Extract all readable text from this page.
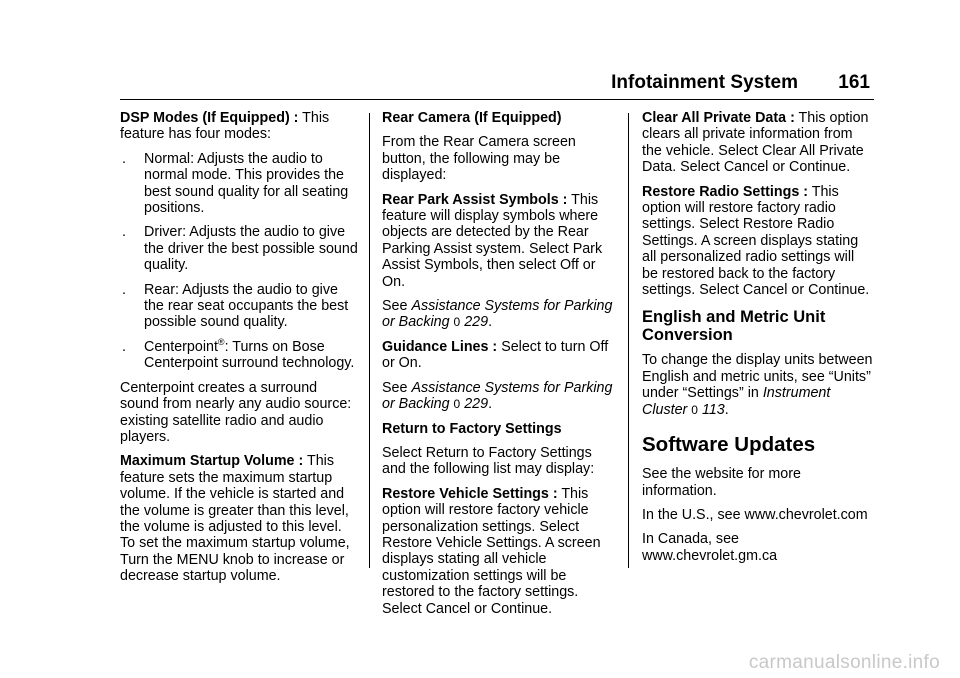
Infotainment System 161

DSP Modes (If Equipped) : This feature has four modes:

. Normal: Adjusts the audio to normal mode. This provides the best sound quality for all seating positions.
. Driver: Adjusts the audio to give the driver the best possible sound quality.
. Rear: Adjusts the audio to give the rear seat occupants the best possible sound quality.
. Centerpoint®: Turns on Bose Centerpoint surround technology.

Centerpoint creates a surround sound from nearly any audio source: existing satellite radio and audio players.

Maximum Startup Volume : This feature sets the maximum startup volume. If the vehicle is started and the volume is greater than this level, the volume is adjusted to this level. To set the maximum startup volume, Turn the MENU knob to increase or decrease startup volume.

Rear Camera (If Equipped)

From the Rear Camera screen button, the following may be displayed:

Rear Park Assist Symbols : This feature will display symbols where objects are detected by the Rear Parking Assist system. Select Park Assist Symbols, then select Off or On.

See Assistance Systems for Parking or Backing 0 229.

Guidance Lines : Select to turn Off or On.

See Assistance Systems for Parking or Backing 0 229.

Return to Factory Settings

Select Return to Factory Settings and the following list may display:

Restore Vehicle Settings : This option will restore factory vehicle personalization settings. Select Restore Vehicle Settings. A screen displays stating all vehicle customization settings will be restored to the factory settings. Select Cancel or Continue.

Clear All Private Data : This option clears all private information from the vehicle. Select Clear All Private Data. Select Cancel or Continue.

Restore Radio Settings : This option will restore factory radio settings. Select Restore Radio Settings. A screen displays stating all personalized radio settings will be restored back to the factory settings. Select Cancel or Continue.

English and Metric Unit Conversion

To change the display units between English and metric units, see “Units” under “Settings” in Instrument Cluster 0 113.

Software Updates

See the website for more information.

In the U.S., see www.chevrolet.com

In Canada, see www.chevrolet.gm.ca

carmanualsonline.info
